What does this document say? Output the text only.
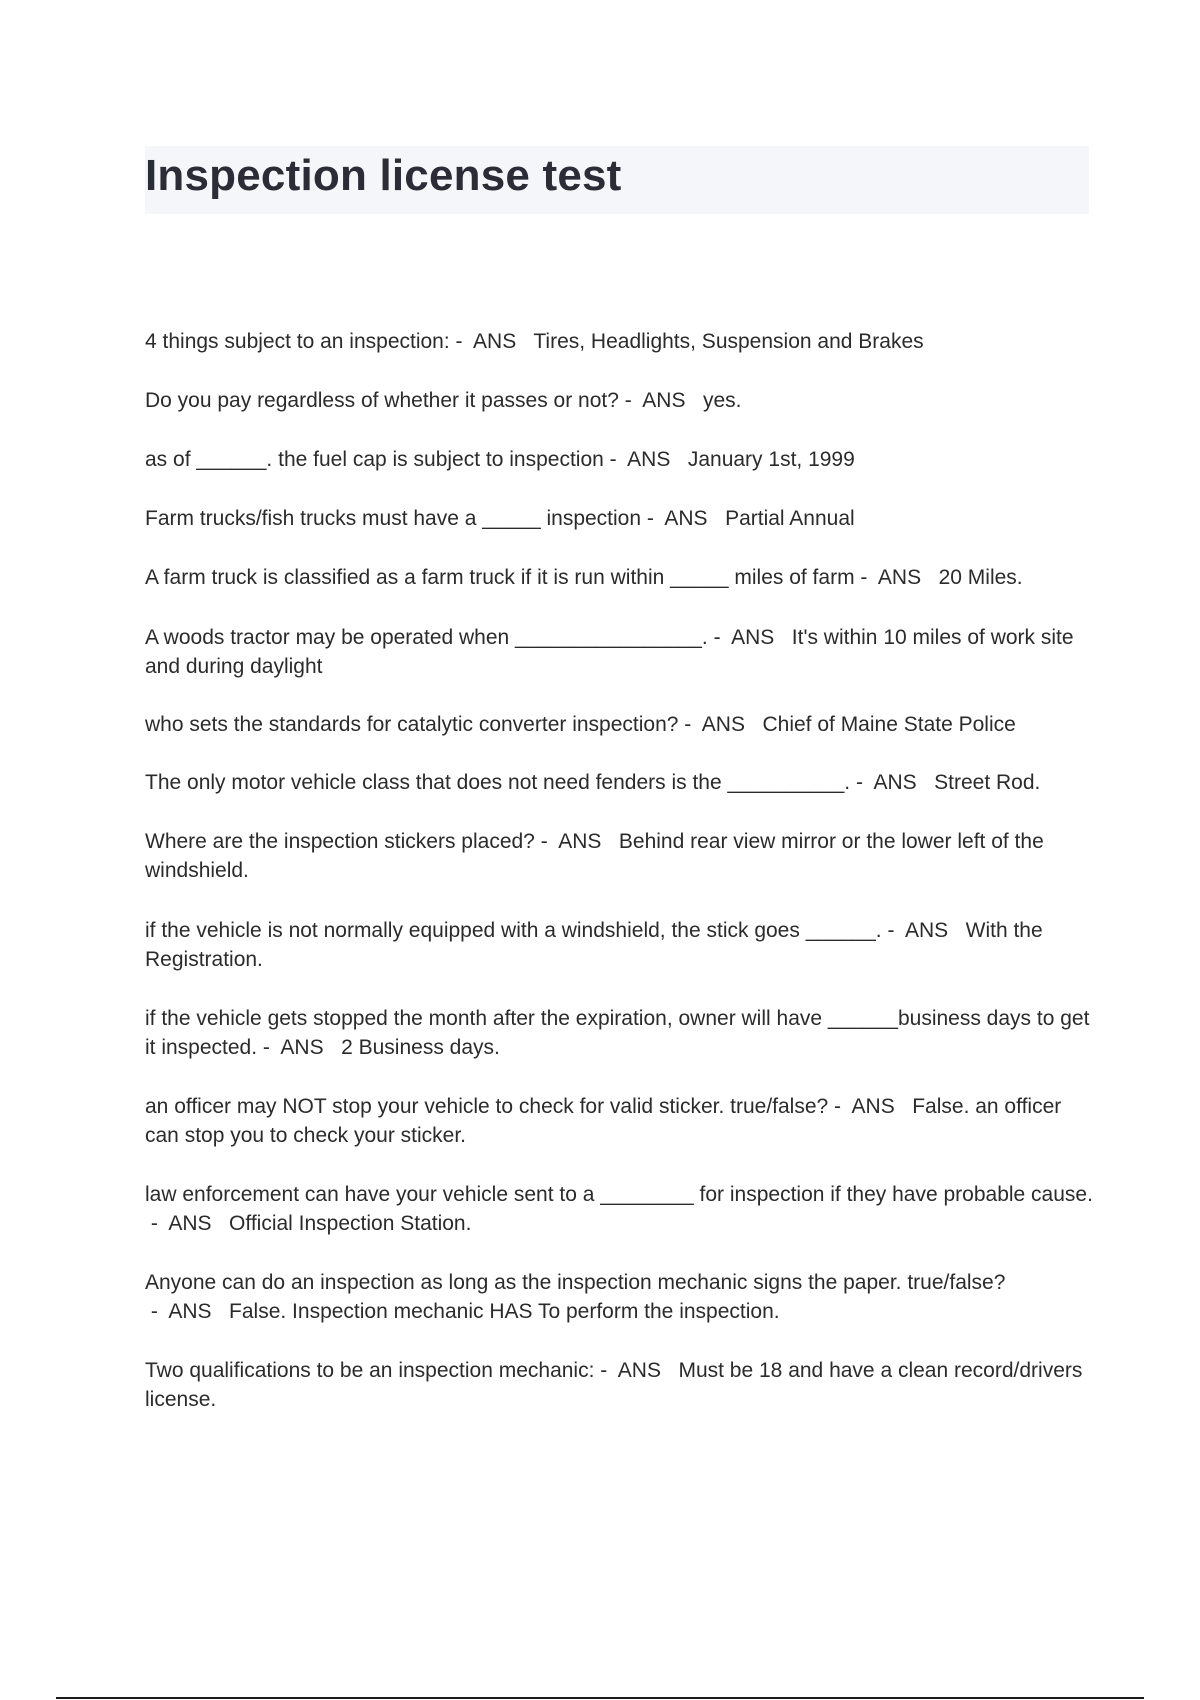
Inspection license test
4 things subject to an inspection: -  ANS   Tires, Headlights, Suspension and Brakes
Do you pay regardless of whether it passes or not? -  ANS   yes.
as of ______. the fuel cap is subject to inspection -  ANS   January 1st, 1999
Farm trucks/fish trucks must have a _____ inspection -  ANS   Partial Annual
A farm truck is classified as a farm truck if it is run within _____ miles of farm -  ANS   20 Miles.
A woods tractor may be operated when ________________. -  ANS   It's within 10 miles of work site and during daylight
who sets the standards for catalytic converter inspection? -  ANS   Chief of Maine State Police
The only motor vehicle class that does not need fenders is the __________. -  ANS   Street Rod.
Where are the inspection stickers placed? -  ANS   Behind rear view mirror or the lower left of the windshield.
if the vehicle is not normally equipped with a windshield, the stick goes ______. -  ANS   With the Registration.
if the vehicle gets stopped the month after the expiration, owner will have ______business days to get it inspected. -  ANS   2 Business days.
an officer may NOT stop your vehicle to check for valid sticker. true/false? -  ANS   False. an officer can stop you to check your sticker.
law enforcement can have your vehicle sent to a ________ for inspection if they have probable cause. -  ANS   Official Inspection Station.
Anyone can do an inspection as long as the inspection mechanic signs the paper. true/false? -  ANS   False. Inspection mechanic HAS To perform the inspection.
Two qualifications to be an inspection mechanic: -  ANS   Must be 18 and have a clean record/drivers license.
